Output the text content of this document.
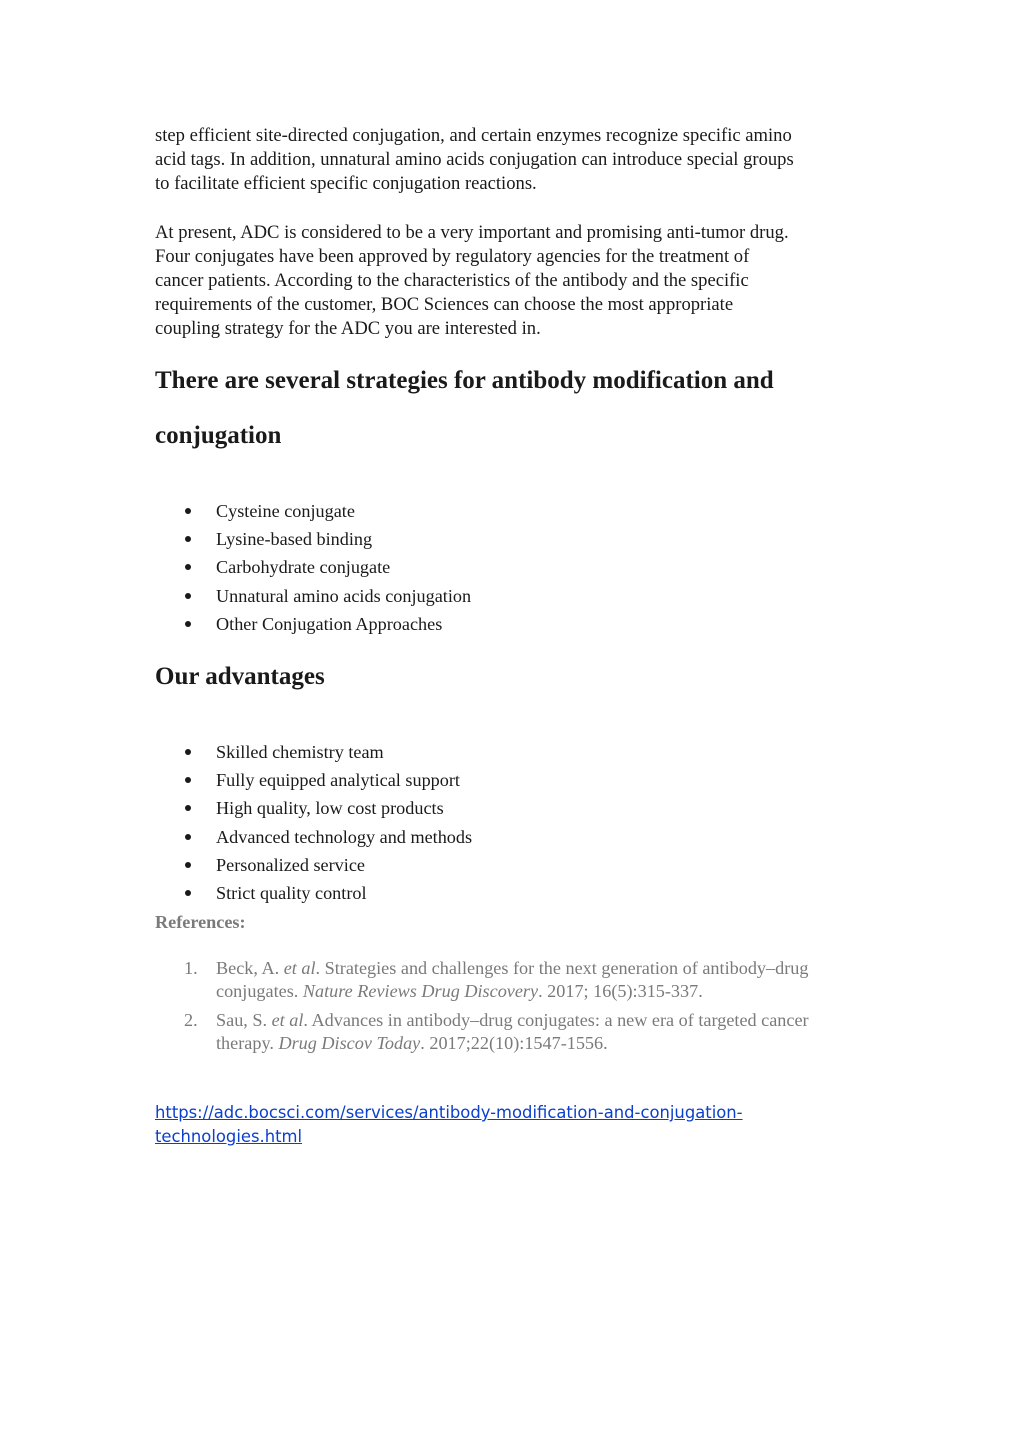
step efficient site-directed conjugation, and certain enzymes recognize specific amino
acid tags. In addition, unnatural amino acids conjugation can introduce special groups
to facilitate efficient specific conjugation reactions.

At present, ADC is considered to be a very important and promising anti-tumor drug.
Four conjugates have been approved by regulatory agencies for the treatment of
cancer patients. According to the characteristics of the antibody and the specific
requirements of the customer, BOC Sciences can choose the most appropriate
coupling strategy for the ADC you are interested in.

There are several strategies for antibody modification and
conjugation
Cysteine conjugate
Lysine-based binding
Carbohydrate conjugate
Unnatural amino acids conjugation
Other Conjugation Approaches
Our advantages
Skilled chemistry team
Fully equipped analytical support
High quality, low cost products
Advanced technology and methods
Personalized service
Strict quality control

References:

1. Beck, A. et al. Strategies and challenges for the next generation of antibody–drug
conjugates. Nature Reviews Drug Discovery. 2017; 16(5):315-337.
2. Sau, S. et al. Advances in antibody–drug conjugates: a new era of targeted cancer
therapy. Drug Discov Today. 2017;22(10):1547-1556.
https://adc.bocsci.com/services/antibody-modification-and-conjugation-
technologies.html
